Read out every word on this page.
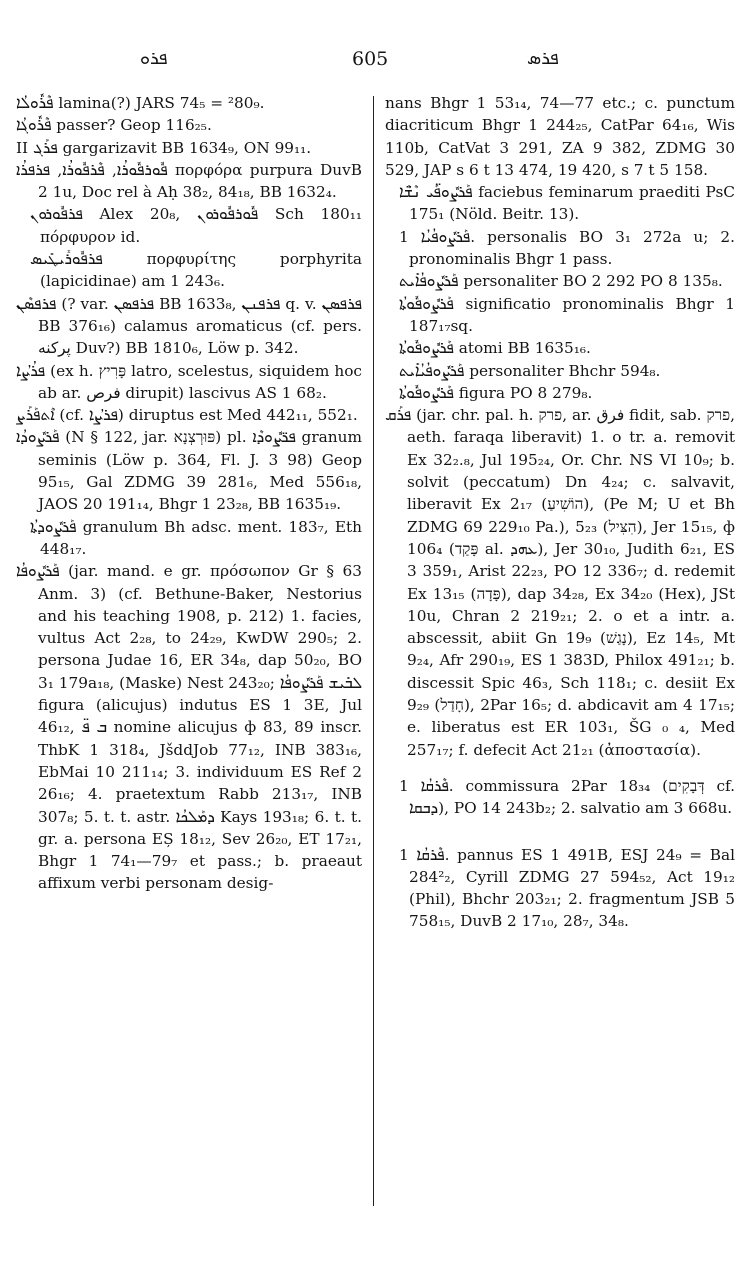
ܦܪܘ	605	ܦܪܣ

ܦܶܪܽܘܠܳܐ lamina(?) JARS 74₅ = ²80₉.

ܦܶܪܽܘܓܳܐ passer? Geop 116₂₅.

II ܦܪܰܓ gargarizavit BB 1634₉, ON 99₁₁.

ܦܽܘܪܦܽܘܪܳܐ, ܦܶܪܦܽܘܪܳܐ, ܦܪܦܪܳܐ πορφόρα purpura DuvB 2 1u, Doc rel à Aḥ 38₂, 84₁₈, BB 1632₄.

ܦܪܦܽܘܪܘܢ Alex 20₈, ܦܽܘܪܦܽܘܪܘܢ Sch 180₁₁ πόρφυρον id.

ܦܪܦܽܘܪܺܝܛܺܝܣ πορφυρίτης porphyrita (lapicidinae) am 1 243₆.

ܦܪܦܣܶܢ (? var. ܦܪܦܣܢ BB 1633₈, ܦܪܦܢܢ q. v. ܦܪܦܣܢ BB 376₁₆) calamus aromaticus (cf. pers. پرکنه Duv?) BB 1810₆, Löw p. 342.

ܦܪܳܨܳܐ (ex h. פָּרִיץ latro, scelestus, siquidem hoc ab ar. فرص dirupit) lascivus AS 1 68₂.

ܐܶܬܦܰܪܰܨ (cf. ܦܪܨܳܐ) diruptus est Med 442₁₁, 552₁.

ܦܰܪܨܽܘܕܳܐ (N § 122, jar. פּוּרְצְנָא) pl. ܦܪ̈ܨܽܘܕܶܐ granum seminis (Löw p. 364, Fl. J. 3 98) Geop 95₁₅, Gal ZDMG 39 281₆, Med 556₁₈, JAOS 20 191₁₄, Bhgr 1 23₂₈, BB 1635₁₉.

ܦܰܪܨܽܘܕܬܳܐ granulum Bh adsc. ment. 183₇, Eth 448₁₇.

ܦܰܪܨܽܘܦܳܐ (jar. mand. e gr. πρόσωπον Gr § 63 Anm. 3) (cf. Bethune-Baker, Nestorius and his teaching 1908, p. 212) 1. facies, vultus Act 2₂₈, to 24₂₉, KwDW 290₅; 2. persona Judae 16, ER 34₈, dap 50₂₀, BO 3₁ 179a₁₈, (Maske) Nest 243₂₀; ܠܒܺܝܫ ܦܰܪܨܽܘܦܳܐ figura (alicujus) indutus ES 1 3E, Jul 46₁₂, ܒ ܦ̈ nomine alicujus ф 83, 89 inscr. ThbK 1 318₄, JšddJob 77₁₂, INB 383₁₆, EbMai 10 211₁₄; 3. individuum ES Ref 2 26₁₆; 4. praetextum Rabb 213₁₇, INB 307₈; 5. t. t. astr. ܕܡܰܠܟܳܐ Kays 193₁₈; 6. t. t. gr. a. persona EȘ 18₁₂, Sev 26₂₀, ET 17₂₁, Bhgr 1 74₁—79₇ et pass.; b. praeaut affixum verbi personam desig-

nans Bhgr 1 53₁₄, 74—77 etc.; c. punctum diacriticum Bhgr 1 244₂₅, CatPar 64₁₆, Wis 110b, CatVat 3 291, ZA 9 382, ZDMG 30 529, JAP s 6 t 13 474, 19 420, s 7 t 5 158.

ܦܰܪܨܽܘܦ̈ܰܝ ܢܶܫ̈ܶܐ faciebus feminarum praediti PsC 175₁ (Nöld. Beitr. 13).

ܦܰܪܨܽܘܦܳܝܳܐ 1. personalis BO 3₁ 272a u; 2. pronominalis Bhgr 1 pass.

ܦܰܪܨܽܘܦܳܐܺܝܬ personaliter BO 2 292 PO 8 135₈.

ܦܰܪܨܽܘܦܽܘܬܳܐ significatio pronominalis Bhgr 1 187₁₇sq.

ܦܰܪܨܽܘܦܽܘܬܳܐ atomi BB 1635₁₆.

ܦܰܪܨܽܘܦܳܝܳܐܺܝܬ personaliter Bhchr 594₈.

ܦܰܪܨܽܘܦܽܘܬܳܐ figura PO 8 279₈.

ܦܪܰܩ (jar. chr. pal. h. פרק, ar. فرق fidit, sab. פרק, aeth. faraqa liberavit) 1. o tr. a. removit Ex 32₂.₈, Jul 195₂₄, Or. Chr. NS VI 10₉; b. solvit (peccatum) Dn 4₂₄; c. salvavit, liberavit Ex 2₁₇ (הוֹשִׁיעַ), (Pe M; U et Bh ZDMG 69 229₁₀ Pa.), 5₂₃ (הִצִּיל), Jer 15₁₅, ф 106₄ (פָּקַד al. ܥܗܕ), Jer 30₁₀, Judith 6₂₁, ES 3 359₁, Arist 22₂₃, PO 12 336₇; d. redemit Ex 13₁₅ (פָּדָה), dap 34₂₈, Ex 34₂₀ (Hex), JSt 10u, Chran 2 219₂₁; 2. o et a intr. a. abscessit, abiit Gn 19₉ (נָגַשׁ), Ez 14₅, Mt 9₂₄, Afr 290₁₉, ES 1 383D, Philox 491₂₁; b. discessit Spic 46₃, Sch 118₁; c. desiit Ex 9₂₉ (חָדַל), 2Par 16₅; d. abdicavit am 4 17₁₅; e. liberatus est ER 103₁, ŠG ₀ ₄, Med 257₁₇; f. defecit Act 21₂₁ (ἀποστασία).

ܦܶܪܩܳܐ 1. commissura 2Par 18₃₄ (דְּבָקִים cf. ܕܒܩܐ), PO 14 243b₂; 2. salvatio am 3 668u.

ܦܶܪܩܳܐ 1. pannus ES 1 491B, ESJ 24₉ = Bal 284²₂, Cyrill ZDMG 27 594₅₂, Act 19₁₂ (Phil), Bhchr 203₂₁; 2. fragmentum JSB 5 758₁₅, DuvB 2 17₁₀, 28₇, 34₈.
